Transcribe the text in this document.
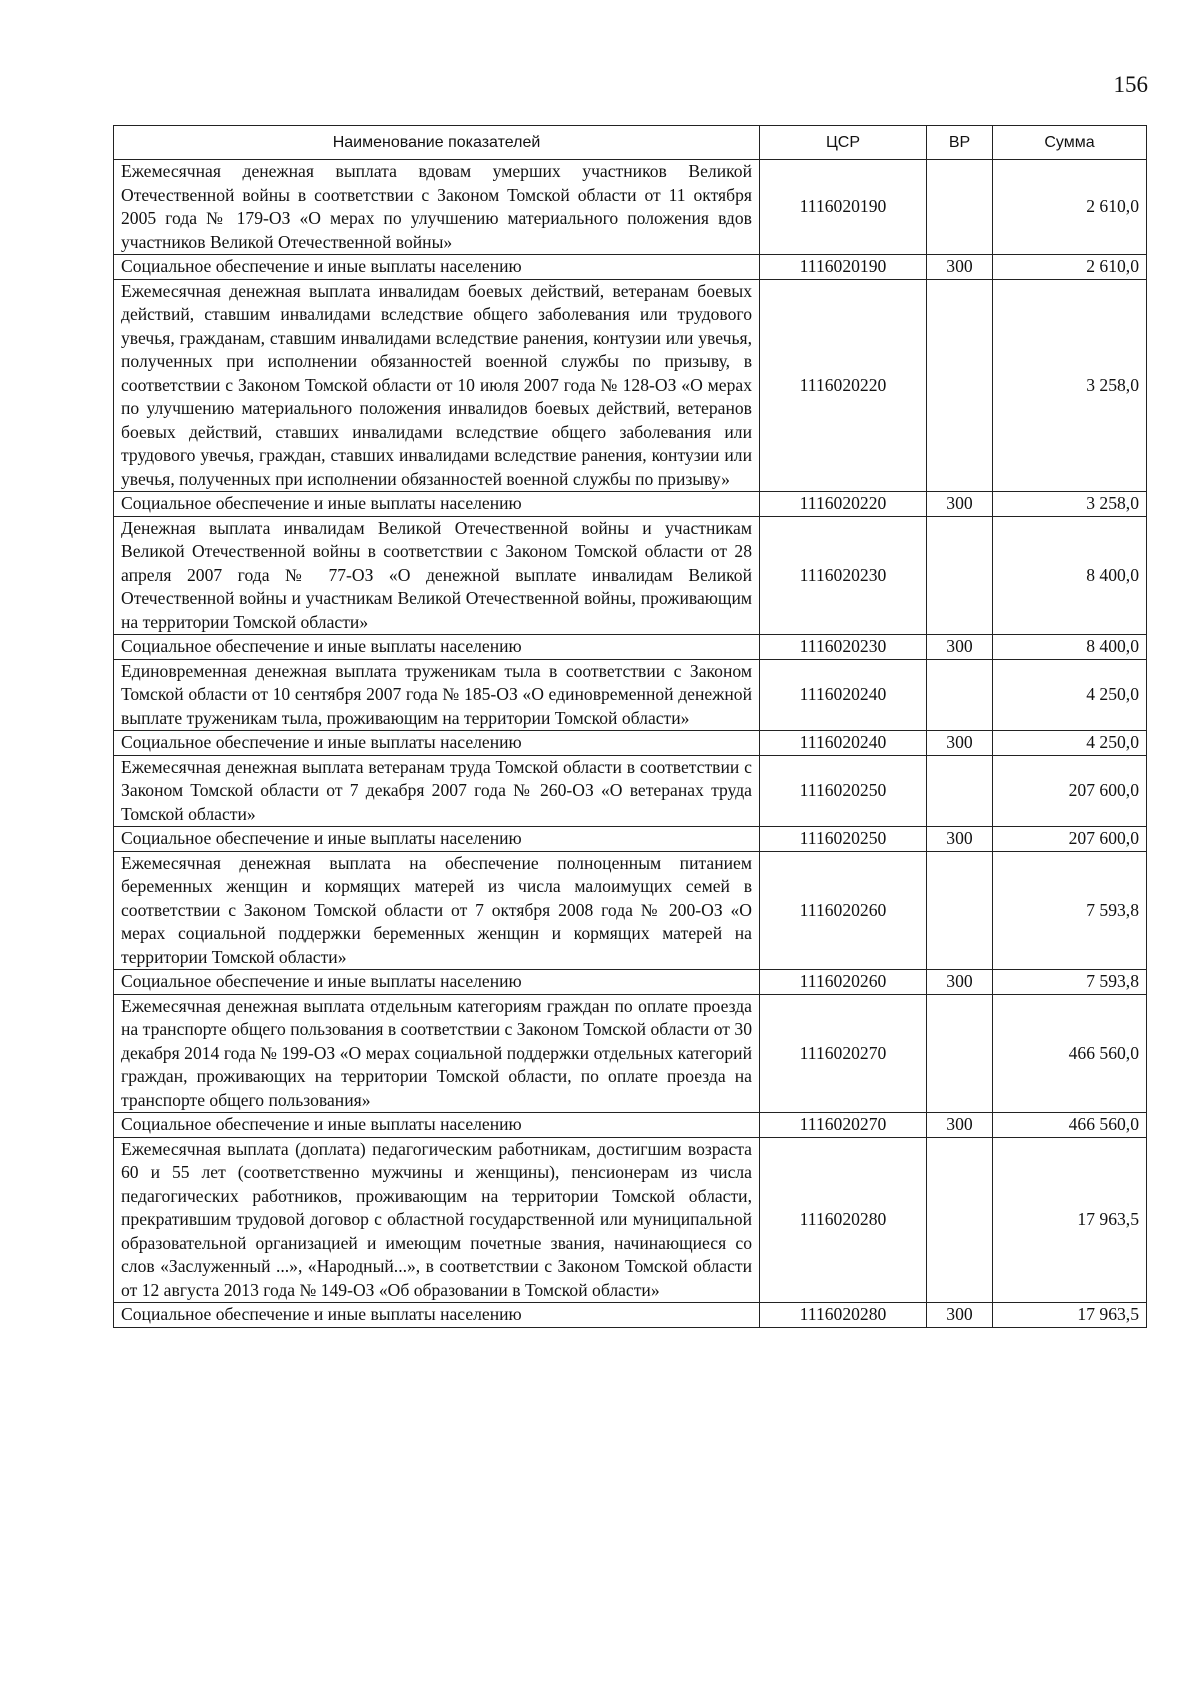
156
Наименование показателей	ЦСР	ВР	Сумма
Ежемесячная денежная выплата вдовам умерших участников Великой Отечественной войны в соответствии с Законом Томской области от 11 октября 2005 года № 179-ОЗ «О мерах по улучшению материального положения вдов участников Великой Отечественной войны»	1116020190		2 610,0
Социальное обеспечение и иные выплаты населению	1116020190	300	2 610,0
Ежемесячная денежная выплата инвалидам боевых действий, ветеранам боевых действий, ставшим инвалидами вследствие общего заболевания или трудового увечья, гражданам, ставшим инвалидами вследствие ранения, контузии или увечья, полученных при исполнении обязанностей военной службы по призыву, в соответствии с Законом Томской области от 10 июля 2007 года № 128-ОЗ «О мерах по улучшению материального положения инвалидов боевых действий, ветеранов боевых действий, ставших инвалидами вследствие общего заболевания или трудового увечья, граждан, ставших инвалидами вследствие ранения, контузии или увечья, полученных при исполнении обязанностей военной службы по призыву»	1116020220		3 258,0
Социальное обеспечение и иные выплаты населению	1116020220	300	3 258,0
Денежная выплата инвалидам Великой Отечественной войны и участникам Великой Отечественной войны в соответствии с Законом Томской области от 28 апреля 2007 года № 77-ОЗ «О денежной выплате инвалидам Великой Отечественной войны и участникам Великой Отечественной войны, проживающим на территории Томской области»	1116020230		8 400,0
Социальное обеспечение и иные выплаты населению	1116020230	300	8 400,0
Единовременная денежная выплата труженикам тыла в соответствии с Законом Томской области от 10 сентября 2007 года № 185-ОЗ «О единовременной денежной выплате труженикам тыла, проживающим на территории Томской области»	1116020240		4 250,0
Социальное обеспечение и иные выплаты населению	1116020240	300	4 250,0
Ежемесячная денежная выплата ветеранам труда Томской области в соответствии с Законом Томской области от 7 декабря 2007 года № 260-ОЗ «О ветеранах труда Томской области»	1116020250		207 600,0
Социальное обеспечение и иные выплаты населению	1116020250	300	207 600,0
Ежемесячная денежная выплата на обеспечение полноценным питанием беременных женщин и кормящих матерей из числа малоимущих семей в соответствии с Законом Томской области от 7 октября 2008 года № 200-ОЗ «О мерах социальной поддержки беременных женщин и кормящих матерей на территории Томской области»	1116020260		7 593,8
Социальное обеспечение и иные выплаты населению	1116020260	300	7 593,8
Ежемесячная денежная выплата отдельным категориям граждан по оплате проезда на транспорте общего пользования в соответствии с Законом Томской области от 30 декабря 2014 года № 199-ОЗ «О мерах социальной поддержки отдельных категорий граждан, проживающих на территории Томской области, по оплате проезда на транспорте общего пользования»	1116020270		466 560,0
Социальное обеспечение и иные выплаты населению	1116020270	300	466 560,0
Ежемесячная выплата (доплата) педагогическим работникам, достигшим возраста 60 и 55 лет (соответственно мужчины и женщины), пенсионерам из числа педагогических работников, проживающим на территории Томской области, прекратившим трудовой договор с областной государственной или муниципальной образовательной организацией и имеющим почетные звания, начинающиеся со слов «Заслуженный ...», «Народный...», в соответствии с Законом Томской области от 12 августа 2013 года № 149-ОЗ «Об образовании в Томской области»	1116020280		17 963,5
Социальное обеспечение и иные выплаты населению	1116020280	300	17 963,5
